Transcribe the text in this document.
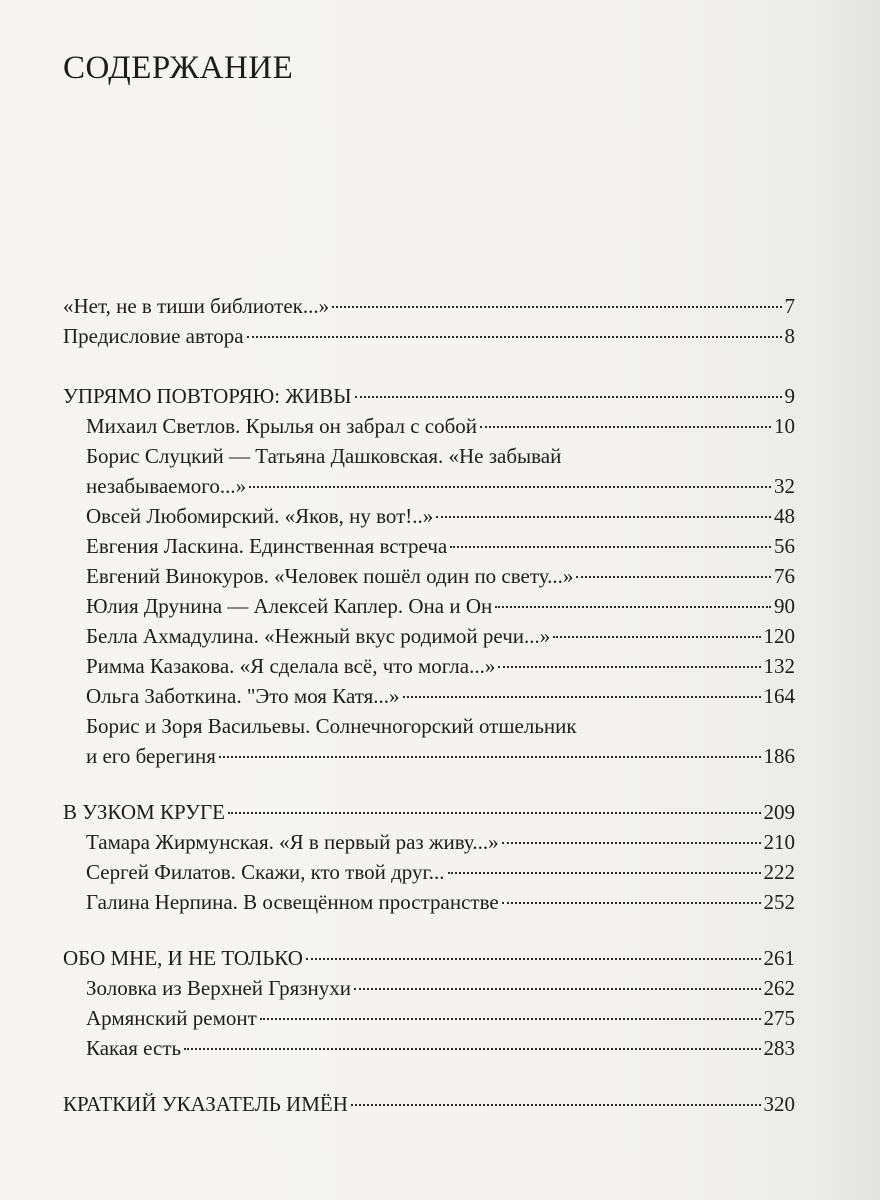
СОДЕРЖАНИЕ
«Нет, не в тиши библиотек...»	7
Предисловие автора	8
УПРЯМО ПОВТОРЯЮ: ЖИВЫ	9
Михаил Светлов. Крылья он забрал с собой	10
Борис Слуцкий — Татьяна Дашковская. «Не забывай
незабываемого...»	32
Овсей Любомирский. «Яков, ну вот!..»	48
Евгения Ласкина. Единственная встреча	56
Евгений Винокуров. «Человек пошёл один по свету...»	76
Юлия Друнина — Алексей Каплер. Она и Он	90
Белла Ахмадулина. «Нежный вкус родимой речи...»	120
Римма Казакова. «Я сделала всё, что могла...»	132
Ольга Заботкина. "Это моя Катя...»	164
Борис и Зоря Васильевы. Солнечногорский отшельник
и его берегиня	186
В УЗКОМ КРУГЕ	209
Тамара Жирмунская. «Я в первый раз живу...»	210
Сергей Филатов. Скажи, кто твой друг...	222
Галина Нерпина. В освещённом пространстве	252
ОБО МНЕ, И НЕ ТОЛЬКО	261
Золовка из Верхней Грязнухи	262
Армянский ремонт	275
Какая есть	283
КРАТКИЙ УКАЗАТЕЛЬ ИМЁН	320
